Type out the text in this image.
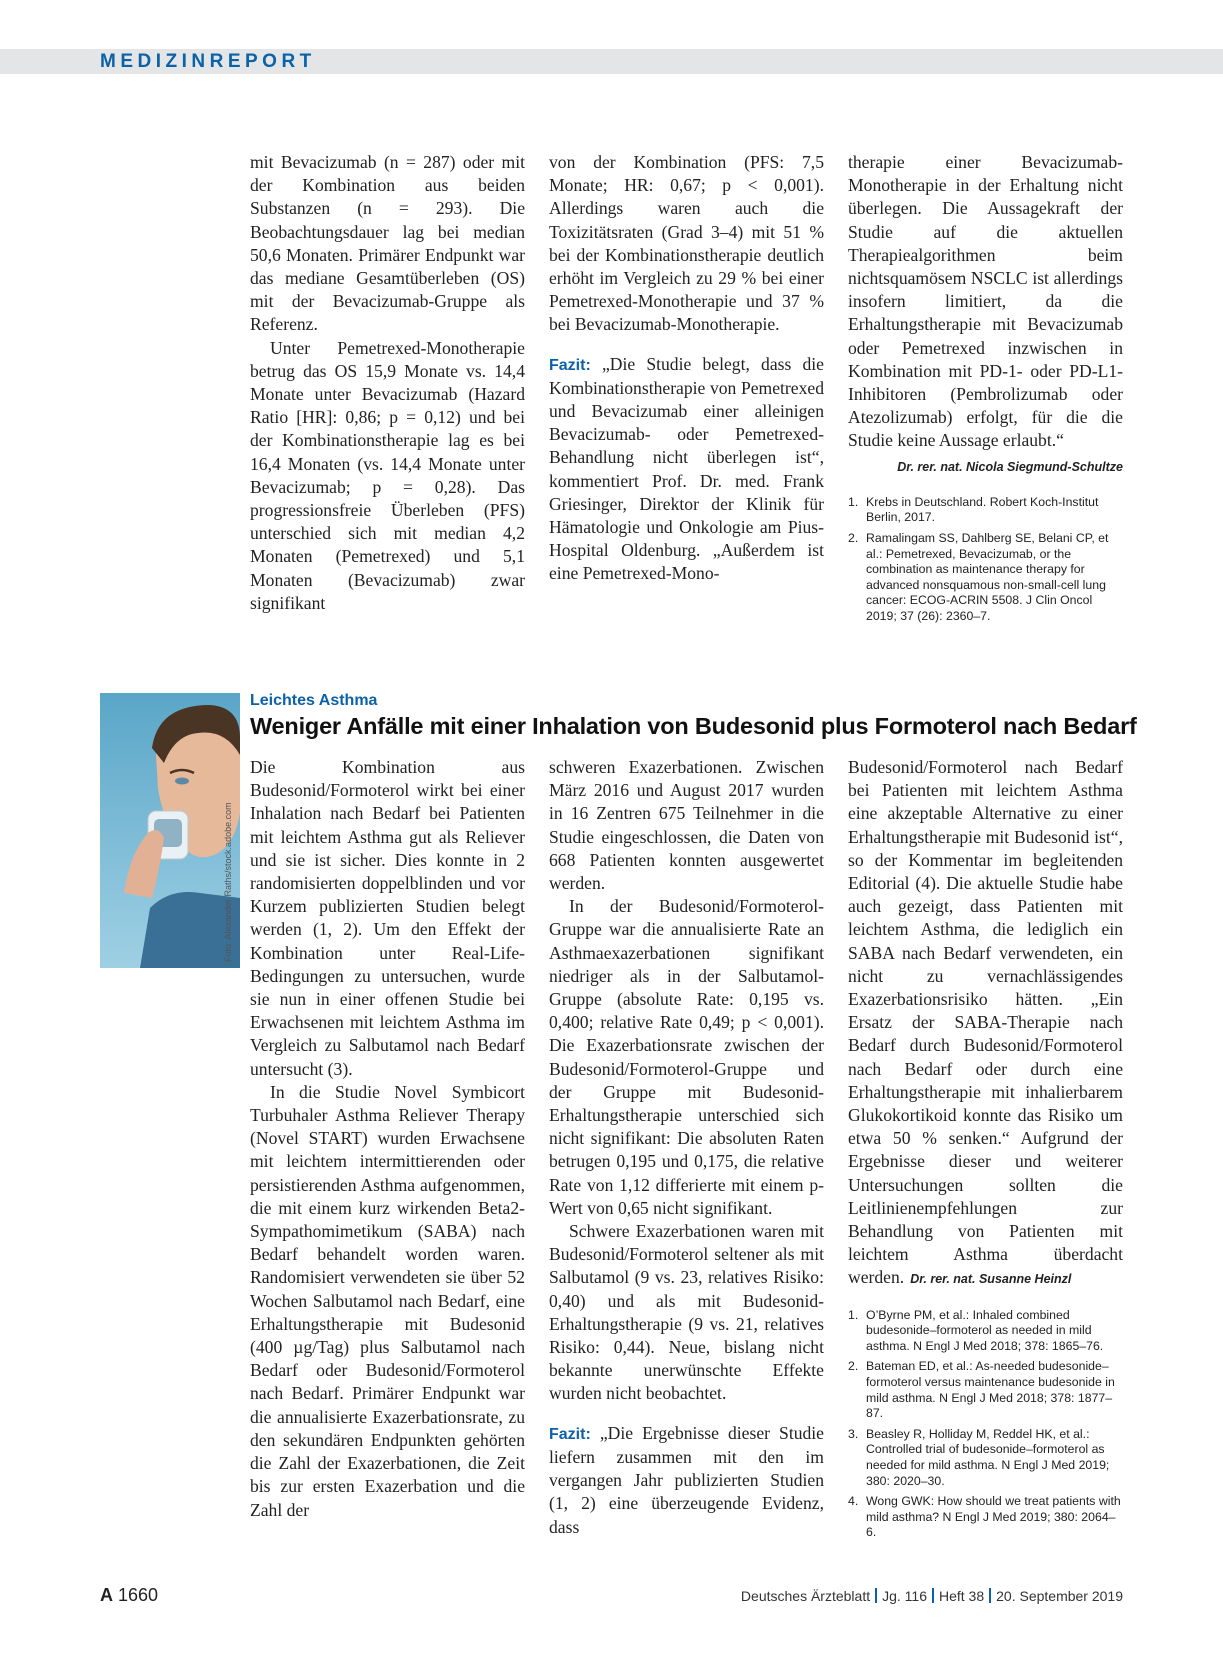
MEDIZINREPORT

mit Bevacizumab (n = 287) oder mit der Kombination aus beiden Substanzen (n = 293). Die Beobachtungsdauer lag bei median 50,6 Monaten. Primärer Endpunkt war das mediane Gesamtüberleben (OS) mit der Bevacizumab-Gruppe als Referenz.

Unter Pemetrexed-Monotherapie betrug das OS 15,9 Monate vs. 14,4 Monate unter Bevacizumab (Hazard Ratio [HR]: 0,86; p = 0,12) und bei der Kombinationstherapie lag es bei 16,4 Monaten (vs. 14,4 Monate unter Bevacizumab; p = 0,28). Das progressionsfreie Überleben (PFS) unterschied sich mit median 4,2 Monaten (Pemetrexed) und 5,1 Monaten (Bevacizumab) zwar signifikant

von der Kombination (PFS: 7,5 Monate; HR: 0,67; p < 0,001). Allerdings waren auch die Toxizitätsraten (Grad 3–4) mit 51 % bei der Kombinationstherapie deutlich erhöht im Vergleich zu 29 % bei einer Pemetrexed-Monotherapie und 37 % bei Bevacizumab-Monotherapie.

Fazit: „Die Studie belegt, dass die Kombinationstherapie von Pemetrexed und Bevacizumab einer alleinigen Bevacizumab- oder Pemetrexed-Behandlung nicht überlegen ist“, kommentiert Prof. Dr. med. Frank Griesinger, Direktor der Klinik für Hämatologie und Onkologie am Pius-Hospital Oldenburg. „Außerdem ist eine Pemetrexed-Mono-

therapie einer Bevacizumab-Monotherapie in der Erhaltung nicht überlegen. Die Aussagekraft der Studie auf die aktuellen Therapiealgorithmen beim nichtsquamösem NSCLC ist allerdings insofern limitiert, da die Erhaltungstherapie mit Bevacizumab oder Pemetrexed inzwischen in Kombination mit PD-1- oder PD-L1-Inhibitoren (Pembrolizumab oder Atezolizumab) erfolgt, für die die Studie keine Aussage erlaubt.“

Dr. rer. nat. Nicola Siegmund-Schultze
1. Krebs in Deutschland. Robert Koch-Institut Berlin, 2017.
2. Ramalingam SS, Dahlberg SE, Belani CP, et al.: Pemetrexed, Bevacizumab, or the combination as maintenance therapy for advanced nonsquamous non-small-cell lung cancer: ECOG-ACRIN 5508. J Clin Oncol 2019; 37 (26): 2360–7.
Foto: Alexander Raths/stock.adobe.com
Leichtes Asthma
Weniger Anfälle mit einer Inhalation von Budesonid plus Formoterol nach Bedarf

Die Kombination aus Budesonid/Formoterol wirkt bei einer Inhalation nach Bedarf bei Patienten mit leichtem Asthma gut als Reliever und sie ist sicher. Dies konnte in 2 randomisierten doppelblinden und vor Kurzem publizierten Studien belegt werden (1, 2). Um den Effekt der Kombination unter Real-Life-Bedingungen zu untersuchen, wurde sie nun in einer offenen Studie bei Erwachsenen mit leichtem Asthma im Vergleich zu Salbutamol nach Bedarf untersucht (3).

In die Studie Novel Symbicort Turbuhaler Asthma Reliever Therapy (Novel START) wurden Erwachsene mit leichtem intermittierenden oder persistierenden Asthma aufgenommen, die mit einem kurz wirkenden Beta2-Sympathomimetikum (SABA) nach Bedarf behandelt worden waren. Randomisiert verwendeten sie über 52 Wochen Salbutamol nach Bedarf, eine Erhaltungstherapie mit Budesonid (400 µg/Tag) plus Salbutamol nach Bedarf oder Budesonid/Formoterol nach Bedarf. Primärer Endpunkt war die annualisierte Exazerbationsrate, zu den sekundären Endpunkten gehörten die Zahl der Exazerbationen, die Zeit bis zur ersten Exazerbation und die Zahl der

schweren Exazerbationen. Zwischen März 2016 und August 2017 wurden in 16 Zentren 675 Teilnehmer in die Studie eingeschlossen, die Daten von 668 Patienten konnten ausgewertet werden.

In der Budesonid/Formoterol-Gruppe war die annualisierte Rate an Asthmaexazerbationen signifikant niedriger als in der Salbutamol-Gruppe (absolute Rate: 0,195 vs. 0,400; relative Rate 0,49; p < 0,001). Die Exazerbationsrate zwischen der Budesonid/Formoterol-Gruppe und der Gruppe mit Budesonid-Erhaltungstherapie unterschied sich nicht signifikant: Die absoluten Raten betrugen 0,195 und 0,175, die relative Rate von 1,12 differierte mit einem p-Wert von 0,65 nicht signifikant.

Schwere Exazerbationen waren mit Budesonid/Formoterol seltener als mit Salbutamol (9 vs. 23, relatives Risiko: 0,40) und als mit Budesonid-Erhaltungstherapie (9 vs. 21, relatives Risiko: 0,44). Neue, bislang nicht bekannte unerwünschte Effekte wurden nicht beobachtet.

Fazit: „Die Ergebnisse dieser Studie liefern zusammen mit den im vergangen Jahr publizierten Studien (1, 2) eine überzeugende Evidenz, dass

Budesonid/Formoterol nach Bedarf bei Patienten mit leichtem Asthma eine akzeptable Alternative zu einer Erhaltungstherapie mit Budesonid ist“, so der Kommentar im begleitenden Editorial (4). Die aktuelle Studie habe auch gezeigt, dass Patienten mit leichtem Asthma, die lediglich ein SABA nach Bedarf verwendeten, ein nicht zu vernachlässigendes Exazerbationsrisiko hätten. „Ein Ersatz der SABA-Therapie nach Bedarf durch Budesonid/Formoterol nach Bedarf oder durch eine Erhaltungstherapie mit inhalierbarem Glukokortikoid konnte das Risiko um etwa 50 % senken.“ Aufgrund der Ergebnisse dieser und weiterer Untersuchungen sollten die Leitlinienempfehlungen zur Behandlung von Patienten mit leichtem Asthma überdacht werden. Dr. rer. nat. Susanne Heinzl

1. O’Byrne PM, et al.: Inhaled combined budesonide–formoterol as needed in mild asthma. N Engl J Med 2018; 378: 1865–76.
2. Bateman ED, et al.: As-needed budesonide–formoterol versus maintenance budesonide in mild asthma. N Engl J Med 2018; 378: 1877–87.
3. Beasley R, Holliday M, Reddel HK, et al.: Controlled trial of budesonide–formoterol as needed for mild asthma. N Engl J Med 2019; 380: 2020–30.
4. Wong GWK: How should we treat patients with mild asthma? N Engl J Med 2019; 380: 2064–6.
A 1660	Deutsches Ärzteblatt Jg. 116 Heft 38 20. September 2019
